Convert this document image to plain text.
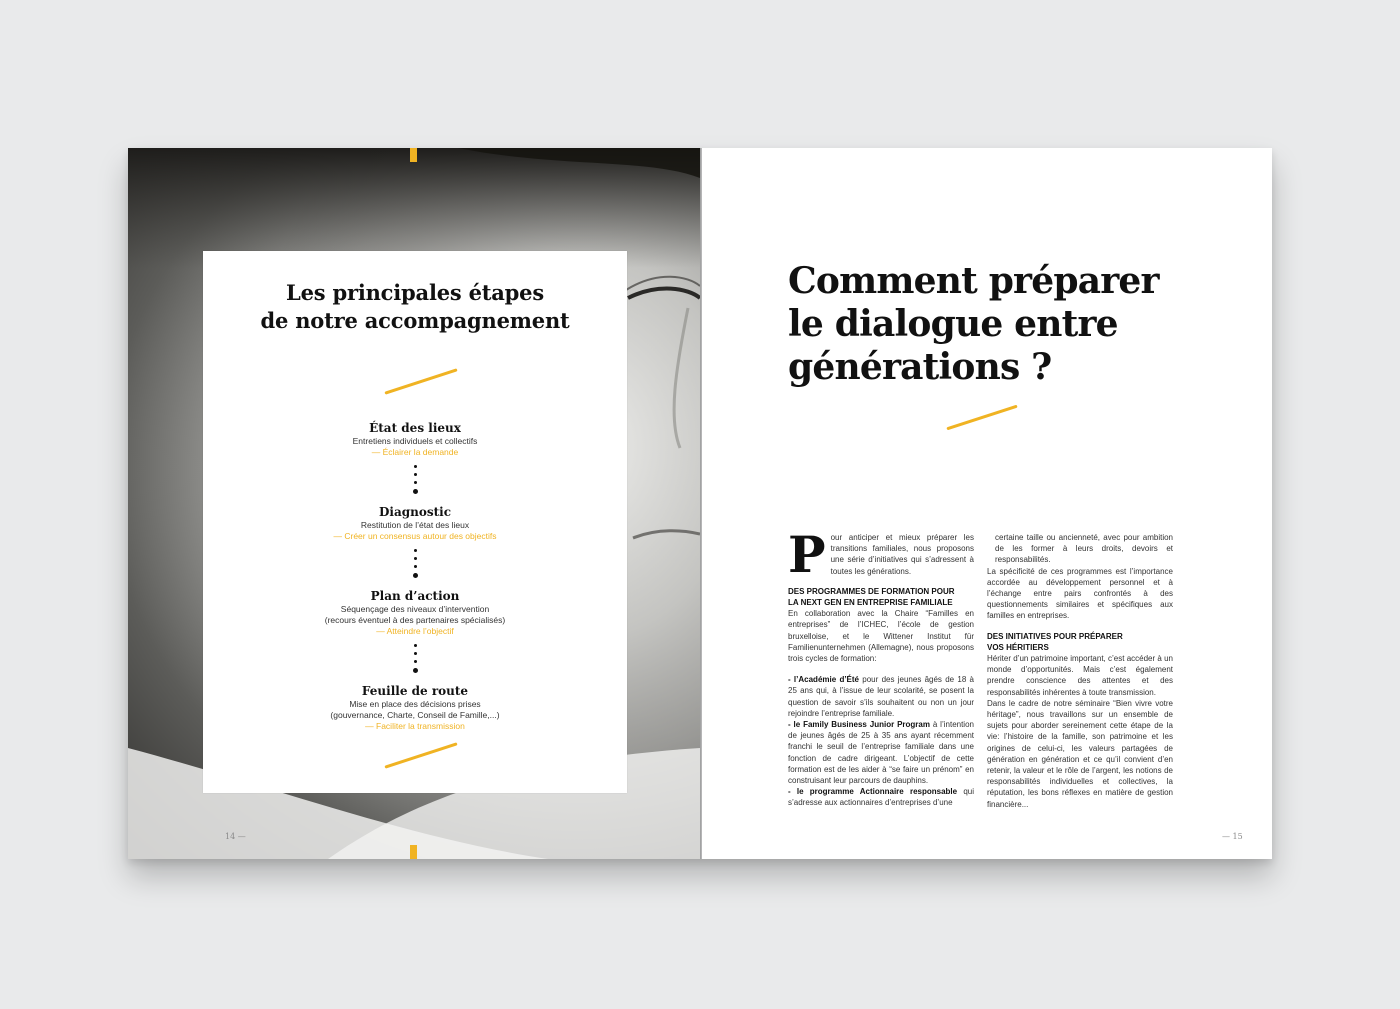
Les principales étapes
de notre accompagnement
État des lieux
Entretiens individuels et collectifs
— Éclairer la demande
Diagnostic
Restitution de l’état des lieux
— Créer un consensus autour des objectifs
Plan d’action
Séquençage des niveaux d’intervention
(recours éventuel à des partenaires spécialisés)
— Atteindre l’objectif
Feuille de route
Mise en place des décisions prises
(gouvernance, Charte, Conseil de Famille,...)
— Faciliter la transmission
14 —
Comment préparer
le dialogue entre
générations ?

Pour anticiper et mieux préparer les transitions familiales, nous proposons une série d’initiatives qui s’adressent à toutes les générations.

DES PROGRAMMES DE FORMATION POUR
LA NEXT GEN EN ENTREPRISE FAMILIALE

En collaboration avec la Chaire “Familles en entreprises” de l’ICHEC, l’école de gestion bruxelloise, et le Wittener Institut für Familienunternehmen (Allemagne), nous proposons trois cycles de formation:

- l’Académie d’Été pour des jeunes âgés de 18 à 25 ans qui, à l’issue de leur scolarité, se posent la question de savoir s’ils souhaitent ou non un jour rejoindre l’entreprise familiale.

- le Family Business Junior Program à l’intention de jeunes âgés de 25 à 35 ans ayant récemment franchi le seuil de l’entreprise familiale dans une fonction de cadre dirigeant. L’objectif de cette formation est de les aider à “se faire un prénom” en construisant leur parcours de dauphins.

- le programme Actionnaire responsable qui s’adresse aux actionnaires d’entreprises d’une

certaine taille ou ancienneté, avec pour ambition de les former à leurs droits, devoirs et responsabilités.

La spécificité de ces programmes est l’importance accordée au développement personnel et à l’échange entre pairs confrontés à des questionnements similaires et spécifiques aux familles en entreprises.

DES INITIATIVES POUR PRÉPARER
VOS HÉRITIERS

Hériter d’un patrimoine important, c’est accéder à un monde d’opportunités. Mais c’est également prendre conscience des attentes et des responsabilités inhérentes à toute transmission.

Dans le cadre de notre séminaire “Bien vivre votre héritage”, nous travaillons sur un ensemble de sujets pour aborder sereinement cette étape de la vie: l’histoire de la famille, son patrimoine et les origines de celui-ci, les valeurs partagées de génération en génération et ce qu’il convient d’en retenir, la valeur et le rôle de l’argent, les notions de responsabilités individuelles et collectives, la réputation, les bons réflexes en matière de gestion financière...

— 15
